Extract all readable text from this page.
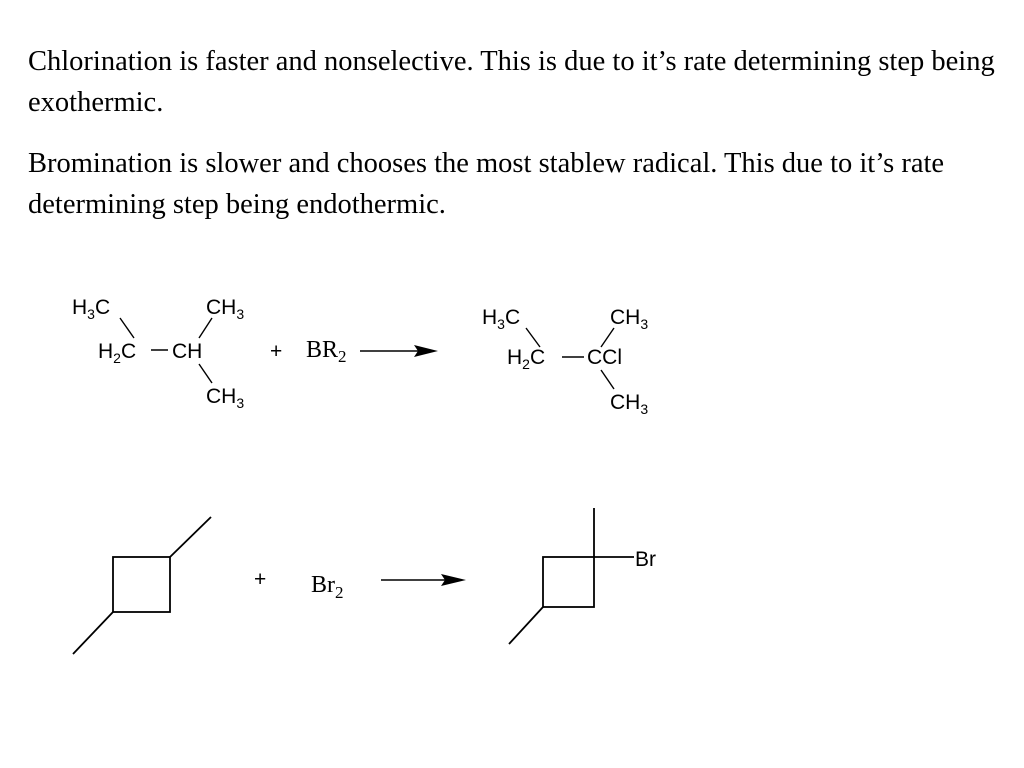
Chlorination is faster and nonselective. This is due to it’s rate determining step being exothermic.

Bromination is slower and chooses the most stablew radical. This due to it’s rate determining step being endothermic.

$H_3C$	$CH_3$
$H_2C$ CH
$CH_3$
+ $BR_2$
$H_3C$	$CH_3$
$H_2C$ CCl
$CH_3$
+ $Br_2$
Br
